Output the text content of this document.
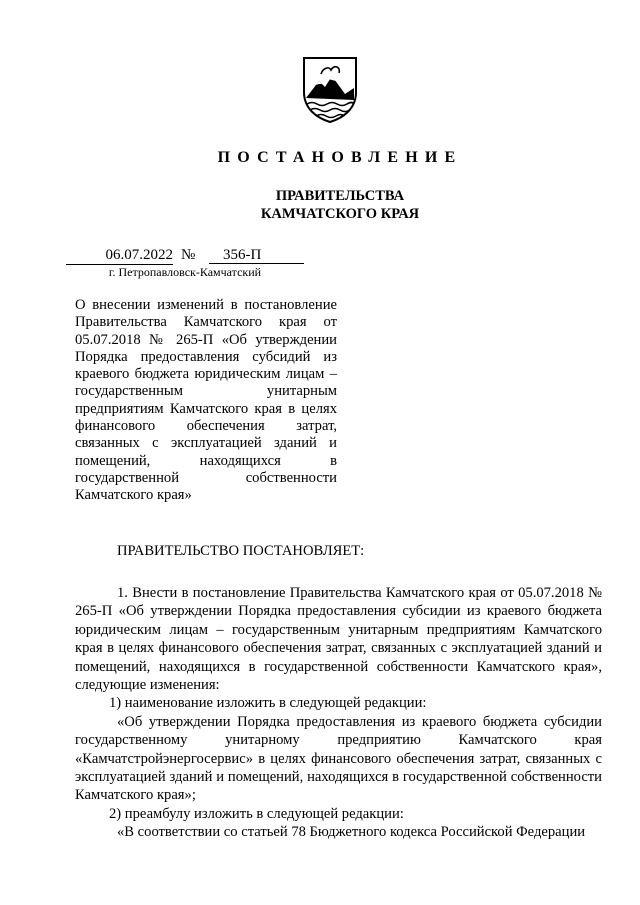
ПОСТАНОВЛЕНИЕ
ПРАВИТЕЛЬСТВА
КАМЧАТСКОГО КРАЯ
06.07.2022 №	356-П
г. Петропавловск-Камчатский
О внесении изменений в постановление Правительства Камчатского края от 05.07.2018 № 265-П «Об утверждении Порядка предоставления субсидий из краевого бюджета юридическим лицам – государственным унитарным предприятиям Камчатского края в целях финансового обеспечения затрат, связанных с эксплуатацией зданий и помещений, находящихся в государственной собственности Камчатского края»
ПРАВИТЕЛЬСТВО ПОСТАНОВЛЯЕТ:

1. Внести в постановление Правительства Камчатского края от 05.07.2018 № 265-П «Об утверждении Порядка предоставления субсидии из краевого бюджета юридическим лицам – государственным унитарным предприятиям Камчатского края в целях финансового обеспечения затрат, связанных с эксплуатацией зданий и помещений, находящихся в государственной собственности Камчатского края», следующие изменения:

1) наименование изложить в следующей редакции:

«Об утверждении Порядка предоставления из краевого бюджета субсидии государственному унитарному предприятию Камчатского края «Камчатстройэнергосервис» в целях финансового обеспечения затрат, связанных с эксплуатацией зданий и помещений, находящихся в государственной собственности Камчатского края»;

2) преамбулу изложить в следующей редакции:

«В соответствии со статьей 78 Бюджетного кодекса Российской Федерации
